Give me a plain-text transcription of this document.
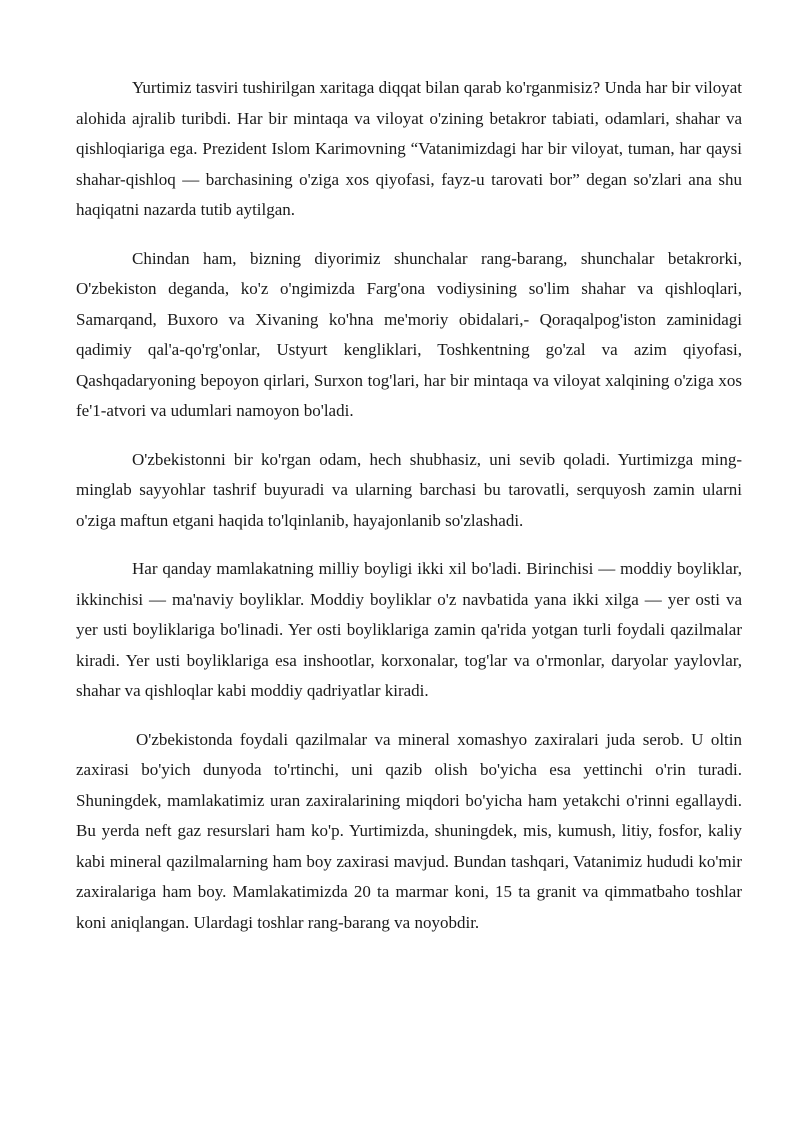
Yurtimiz tasviri tushirilgan xaritaga diqqat bilan qarab ko'rganmisiz? Unda har bir viloyat alohida ajralib turibdi. Har bir mintaqa va viloyat o'zining betakror tabiati, odamlari, shahar va qishloqiariga ega. Prezident Islom Karimovning “Vatanimizdagi har bir viloyat, tuman, har qaysi shahar-qishloq — barchasining o'ziga xos qiyofasi, fayz-u tarovati bor” degan so'zlari ana shu haqiqatni nazarda tutib aytilgan.

Chindan ham, bizning diyorimiz shunchalar rang-barang, shunchalar betakrorki, O'zbekiston deganda, ko'z o'ngimizda Farg'ona vodiysining so'lim shahar va qishloqlari, Samarqand, Buxoro va Xivaning ko'hna me'moriy obidalari,- Qoraqalpog'iston zaminidagi qadimiy qal'a-qo'rg'onlar, Ustyurt kengliklari, Toshkentning go'zal va azim qiyofasi, Qashqadaryoning bepoyon qirlari, Surxon tog'lari, har bir mintaqa va viloyat xalqining o'ziga xos fe'1-atvori va udumlari namoyon bo'ladi.

O'zbekistonni bir ko'rgan odam, hech shubhasiz, uni sevib qoladi. Yurtimizga ming-minglab sayyohlar tashrif buyuradi va ularning barchasi bu tarovatli, serquyosh zamin ularni o'ziga maftun etgani haqida to'lqinlanib, hayajonlanib so'zlashadi.

Har qanday mamlakatning milliy boyligi ikki xil bo'ladi. Birinchisi — moddiy boyliklar, ikkinchisi — ma'naviy boyliklar. Moddiy boyliklar o'z navbatida yana ikki xilga — yer osti va yer usti boyliklariga bo'linadi. Yer osti boyliklariga zamin qa'rida yotgan turli foydali qazilmalar kiradi. Yer usti boyliklariga esa inshootlar, korxonalar, tog'lar va o'rmonlar, daryolar yaylovlar, shahar va qishloqlar kabi moddiy qadriyatlar kiradi.

O'zbekistonda foydali qazilmalar va mineral xomashyo zaxiralari juda serob. U oltin zaxirasi bo'yich dunyoda to'rtinchi, uni qazib olish bo'yicha esa yettinchi o'rin turadi. Shuningdek, mamlakatimiz uran zaxiralarining miqdori bo'yicha ham yetakchi o'rinni egallaydi. Bu yerda neft gaz resurslari ham ko'p. Yurtimizda, shuningdek, mis, kumush, litiy, fosfor, kaliy kabi mineral qazilmalarning ham boy zaxirasi mavjud. Bundan tashqari, Vatanimiz hududi ko'mir zaxiralariga ham boy. Mamlakatimizda 20 ta marmar koni, 15 ta granit va qimmatbaho toshlar koni aniqlangan. Ulardagi toshlar rang-barang va noyobdir.
